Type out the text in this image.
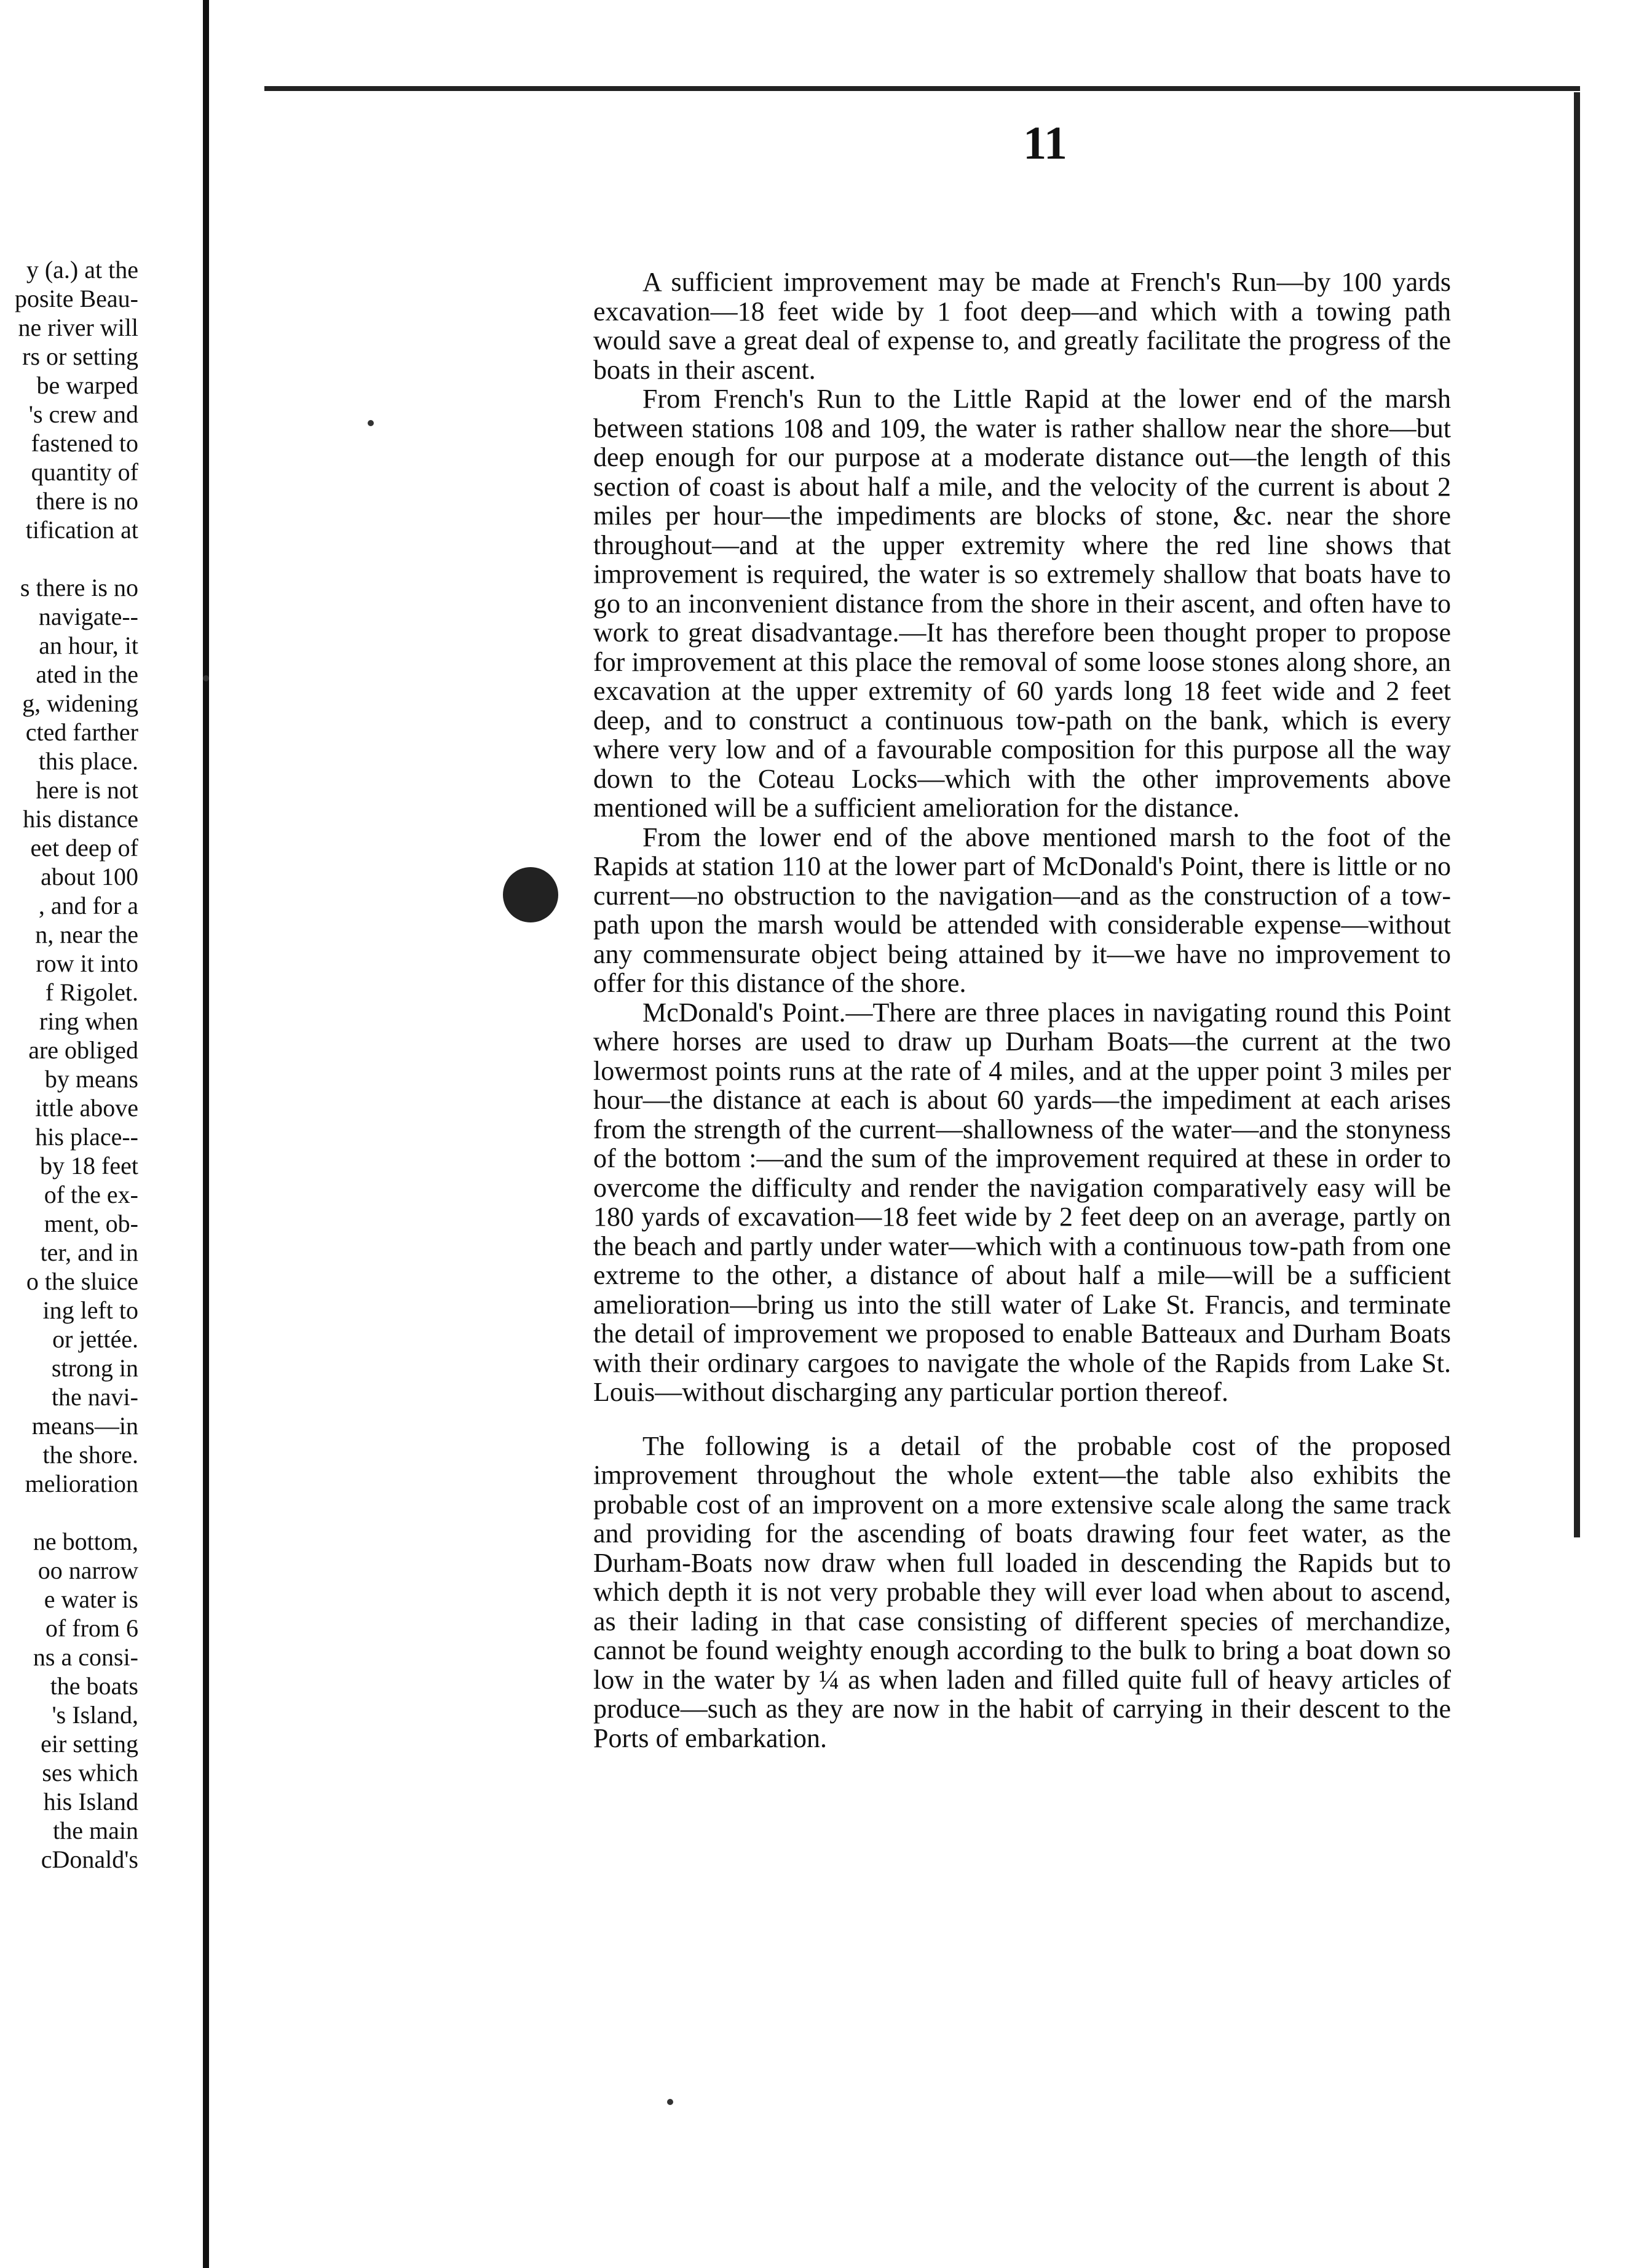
y (a.) at the
posite Beau-
ne river will
rs or setting
be warped
's crew and
fastened to
quantity of
there is no
tification at
s there is no
navigate--
an hour, it
ated in the
g, widening
cted farther
this place.
here is not
his distance
eet deep of
about 100
, and for a
n, near the
row it into
f Rigolet.
ring when
are obliged
by means
ittle above
his place--
by 18 feet
of the ex-
ment, ob-
ter, and in
o the sluice
ing left to
or jettée.
strong in
the navi-
means—in
the shore.
melioration
ne bottom,
oo narrow
e water is
of from 6
ns a consi-
the boats
's Island,
eir setting
ses which
his Island
the main
cDonald's
11

A sufficient improvement may be made at French's Run—by 100 yards excavation—18 feet wide by 1 foot deep—and which with a towing path would save a great deal of expense to, and greatly facilitate the progress of the boats in their ascent.

From French's Run to the Little Rapid at the lower end of the marsh between stations 108 and 109, the water is rather shallow near the shore—but deep enough for our purpose at a moderate distance out—the length of this section of coast is about half a mile, and the velocity of the current is about 2 miles per hour—the impediments are blocks of stone, &c. near the shore throughout—and at the upper extremity where the red line shows that improvement is required, the water is so extremely shallow that boats have to go to an inconvenient distance from the shore in their ascent, and often have to work to great disadvantage.—It has therefore been thought proper to propose for improvement at this place the removal of some loose stones along shore, an excavation at the upper extremity of 60 yards long 18 feet wide and 2 feet deep, and to construct a continuous tow-path on the bank, which is every where very low and of a favourable composition for this purpose all the way down to the Coteau Locks—which with the other improvements above mentioned will be a sufficient amelioration for the distance.

From the lower end of the above mentioned marsh to the foot of the Rapids at station 110 at the lower part of McDonald's Point, there is little or no current—no obstruction to the navigation—and as the construction of a tow-path upon the marsh would be attended with considerable expense—without any commensurate object being attained by it—we have no improvement to offer for this distance of the shore.

McDonald's Point.—There are three places in navigating round this Point where horses are used to draw up Durham Boats—the current at the two lowermost points runs at the rate of 4 miles, and at the upper point 3 miles per hour—the distance at each is about 60 yards—the impediment at each arises from the strength of the current—shallowness of the water—and the stonyness of the bottom :—and the sum of the improvement required at these in order to overcome the difficulty and render the navigation comparatively easy will be 180 yards of excavation—18 feet wide by 2 feet deep on an average, partly on the beach and partly under water—which with a continuous tow-path from one extreme to the other, a distance of about half a mile—will be a sufficient amelioration—bring us into the still water of Lake St. Francis, and terminate the detail of improvement we proposed to enable Batteaux and Durham Boats with their ordinary cargoes to navigate the whole of the Rapids from Lake St. Louis—without discharging any particular portion thereof.

The following is a detail of the probable cost of the proposed improvement throughout the whole extent—the table also exhibits the probable cost of an improvent on a more extensive scale along the same track and providing for the ascending of boats drawing four feet water, as the Durham-Boats now draw when full loaded in descending the Rapids but to which depth it is not very probable they will ever load when about to ascend, as their lading in that case consisting of different species of merchandize, cannot be found weighty enough according to the bulk to bring a boat down so low in the water by ¼ as when laden and filled quite full of heavy articles of produce—such as they are now in the habit of carrying in their descent to the Ports of embarkation.
